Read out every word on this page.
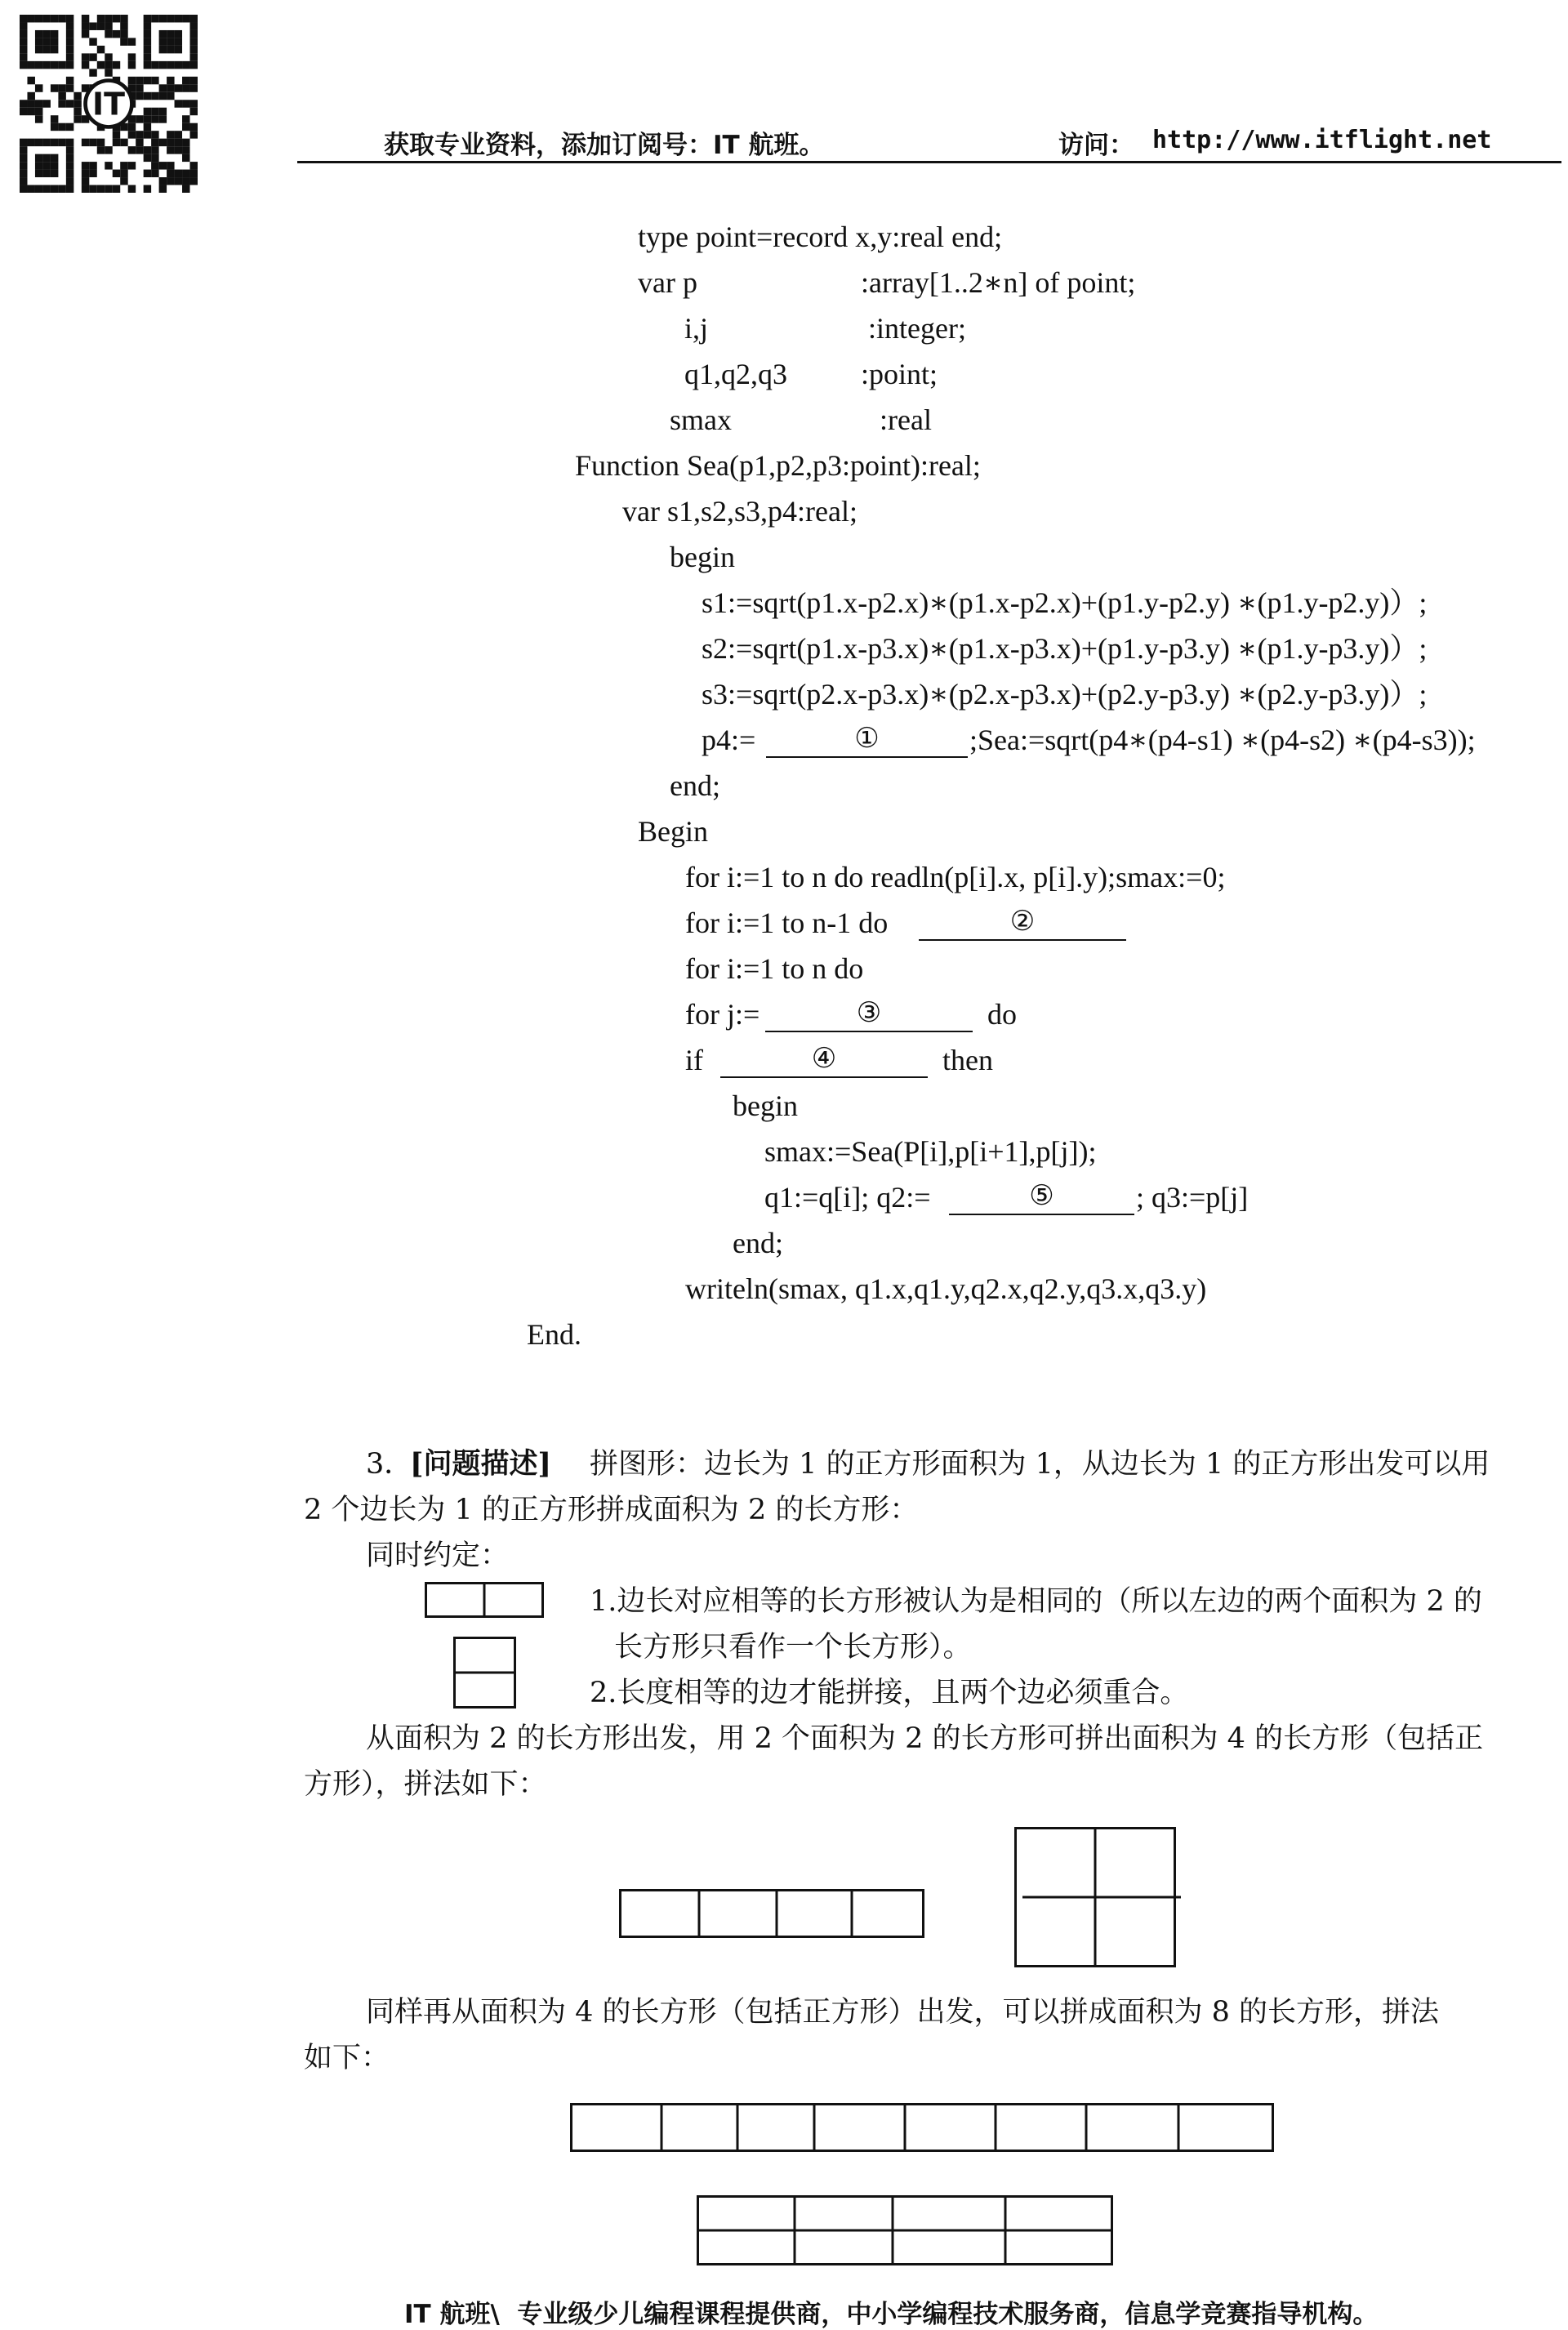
IT
获取专业资料，添加订阅号：IT 航班。	访问： http://www.itflight.net
type point=record x,y:real end;
var p	:array[1..2∗n] of point;
i,j	:integer;
q1,q2,q3	:point;
smax	:real
Function Sea(p1,p2,p3:point):real;
var s1,s2,s3,p4:real;
begin
s1:=sqrt(p1.x-p2.x)∗(p1.x-p2.x)+(p1.y-p2.y) ∗(p1.y-p2.y)）;
s2:=sqrt(p1.x-p3.x)∗(p1.x-p3.x)+(p1.y-p3.y) ∗(p1.y-p3.y)）;
s3:=sqrt(p2.x-p3.x)∗(p2.x-p3.x)+(p2.y-p3.y) ∗(p2.y-p3.y)）;
p4:=	①	;Sea:=sqrt(p4∗(p4-s1) ∗(p4-s2) ∗(p4-s3));
end;
Begin
for i:=1 to n do readln(p[i].x, p[i].y);smax:=0;
for i:=1 to n-1 do	②
for i:=1 to n do
for j:=	③	do
if	④	then
begin
smax:=Sea(P[i],p[i+1],p[j]);
q1:=q[i]; q2:=	⑤	; q3:=p[j]
end;
writeln(smax, q1.x,q1.y,q2.x,q2.y,q3.x,q3.y)
End.
3．
[问题描述] 拼图形：边长为 1 的正方形面积为 1，从边长为 1 的正方形出发可以用
2 个边长为 1 的正方形拼成面积为 2 的长方形：
同时约定：
1.边长对应相等的长方形被认为是相同的（所以左边的两个面积为 2 的
长方形只看作一个长方形）。
2.长度相等的边才能拼接，且两个边必须重合。
从面积为 2 的长方形出发，用 2 个面积为 2 的长方形可拼出面积为 4 的长方形（包括正
方形），拼法如下：
同样再从面积为 4 的长方形（包括正方形）出发，可以拼成面积为 8 的长方形，拼法
如下：
IT 航班\  专业级少儿编程课程提供商，中小学编程技术服务商，信息学竞赛指导机构。
